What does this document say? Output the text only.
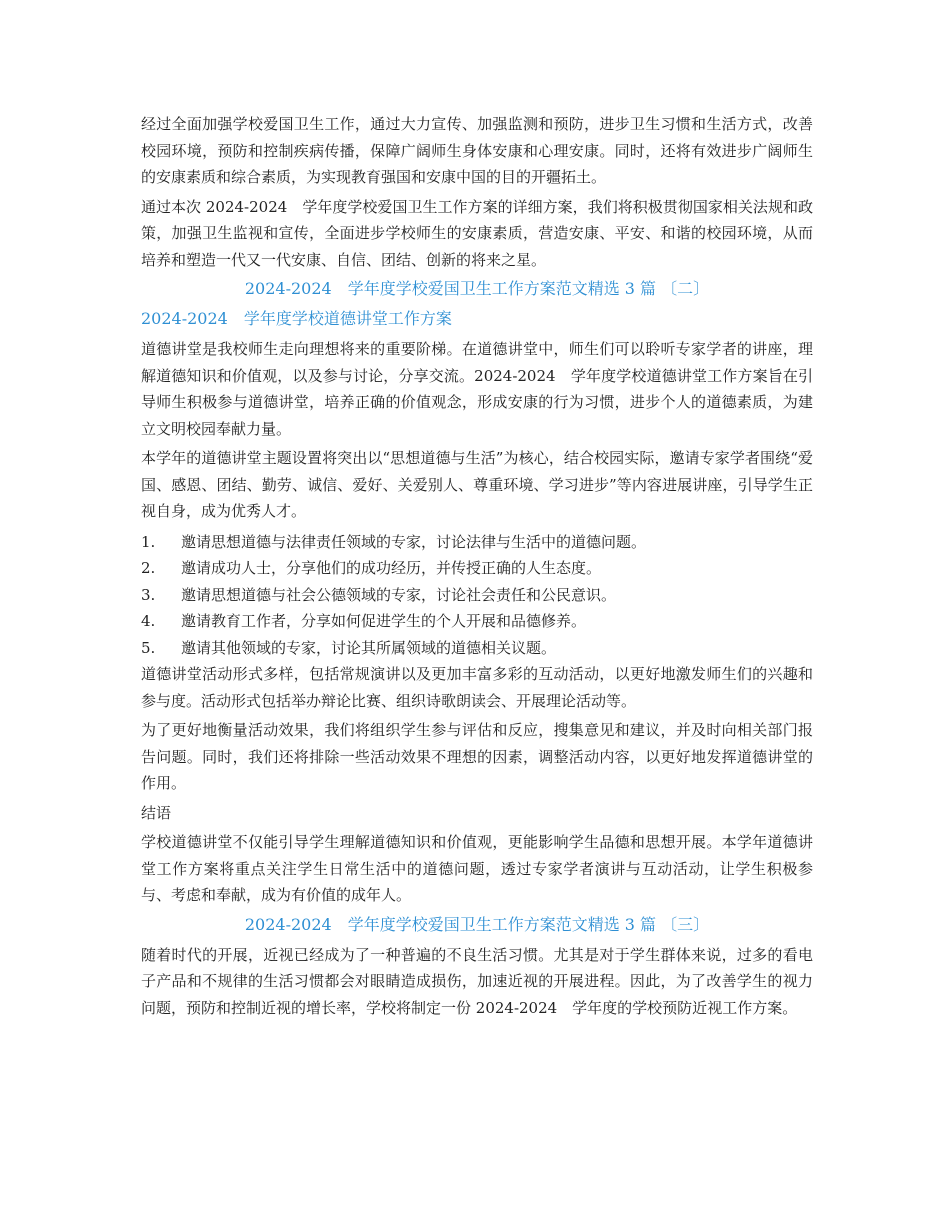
经过全面加强学校爱国卫生工作，通过大力宣传、加强监测和预防，进步卫生习惯和生活方式，改善校园环境，预防和控制疾病传播，保障广阔师生身体安康和心理安康。同时，还将有效进步广阔师生的安康素质和综合素质，为实现教育强国和安康中国的目的开疆拓土。

通过本次 2024-2024　学年度学校爱国卫生工作方案的详细方案，我们将积极贯彻国家相关法规和政策，加强卫生监视和宣传，全面进步学校师生的安康素质，营造安康、平安、和谐的校园环境，从而培养和塑造一代又一代安康、自信、团结、创新的将来之星。

2024-2024　学年度学校爱国卫生工作方案范文精选 3 篇 〔二〕
2024-2024　学年度学校道德讲堂工作方案

道德讲堂是我校师生走向理想将来的重要阶梯。在道德讲堂中，师生们可以聆听专家学者的讲座，理解道德知识和价值观，以及参与讨论，分享交流。2024-2024　学年度学校道德讲堂工作方案旨在引导师生积极参与道德讲堂，培养正确的价值观念，形成安康的行为习惯，进步个人的道德素质，为建立文明校园奉献力量。

本学年的道德讲堂主题设置将突出以“思想道德与生活”为核心，结合校园实际，邀请专家学者围绕“爱国、感恩、团结、勤劳、诚信、爱好、关爱别人、尊重环境、学习进步”等内容进展讲座，引导学生正视自身，成为优秀人才。

1.	邀请思想道德与法律责任领域的专家，讨论法律与生活中的道德问题。
2.	邀请成功人士，分享他们的成功经历，并传授正确的人生态度。
3.	邀请思想道德与社会公德领域的专家，讨论社会责任和公民意识。
4.	邀请教育工作者，分享如何促进学生的个人开展和品德修养。
5.	邀请其他领域的专家，讨论其所属领域的道德相关议题。

道德讲堂活动形式多样，包括常规演讲以及更加丰富多彩的互动活动，以更好地激发师生们的兴趣和参与度。活动形式包括举办辩论比赛、组织诗歌朗读会、开展理论活动等。

为了更好地衡量活动效果，我们将组织学生参与评估和反应，搜集意见和建议，并及时向相关部门报告问题。同时，我们还将排除一些活动效果不理想的因素，调整活动内容，以更好地发挥道德讲堂的作用。

结语

学校道德讲堂不仅能引导学生理解道德知识和价值观，更能影响学生品德和思想开展。本学年道德讲堂工作方案将重点关注学生日常生活中的道德问题，透过专家学者演讲与互动活动，让学生积极参与、考虑和奉献，成为有价值的成年人。

2024-2024　学年度学校爱国卫生工作方案范文精选 3 篇 〔三〕

随着时代的开展，近视已经成为了一种普遍的不良生活习惯。尤其是对于学生群体来说，过多的看电子产品和不规律的生活习惯都会对眼睛造成损伤，加速近视的开展进程。因此，为了改善学生的视力问题，预防和控制近视的增长率，学校将制定一份 2024-2024　学年度的学校预防近视工作方案。
